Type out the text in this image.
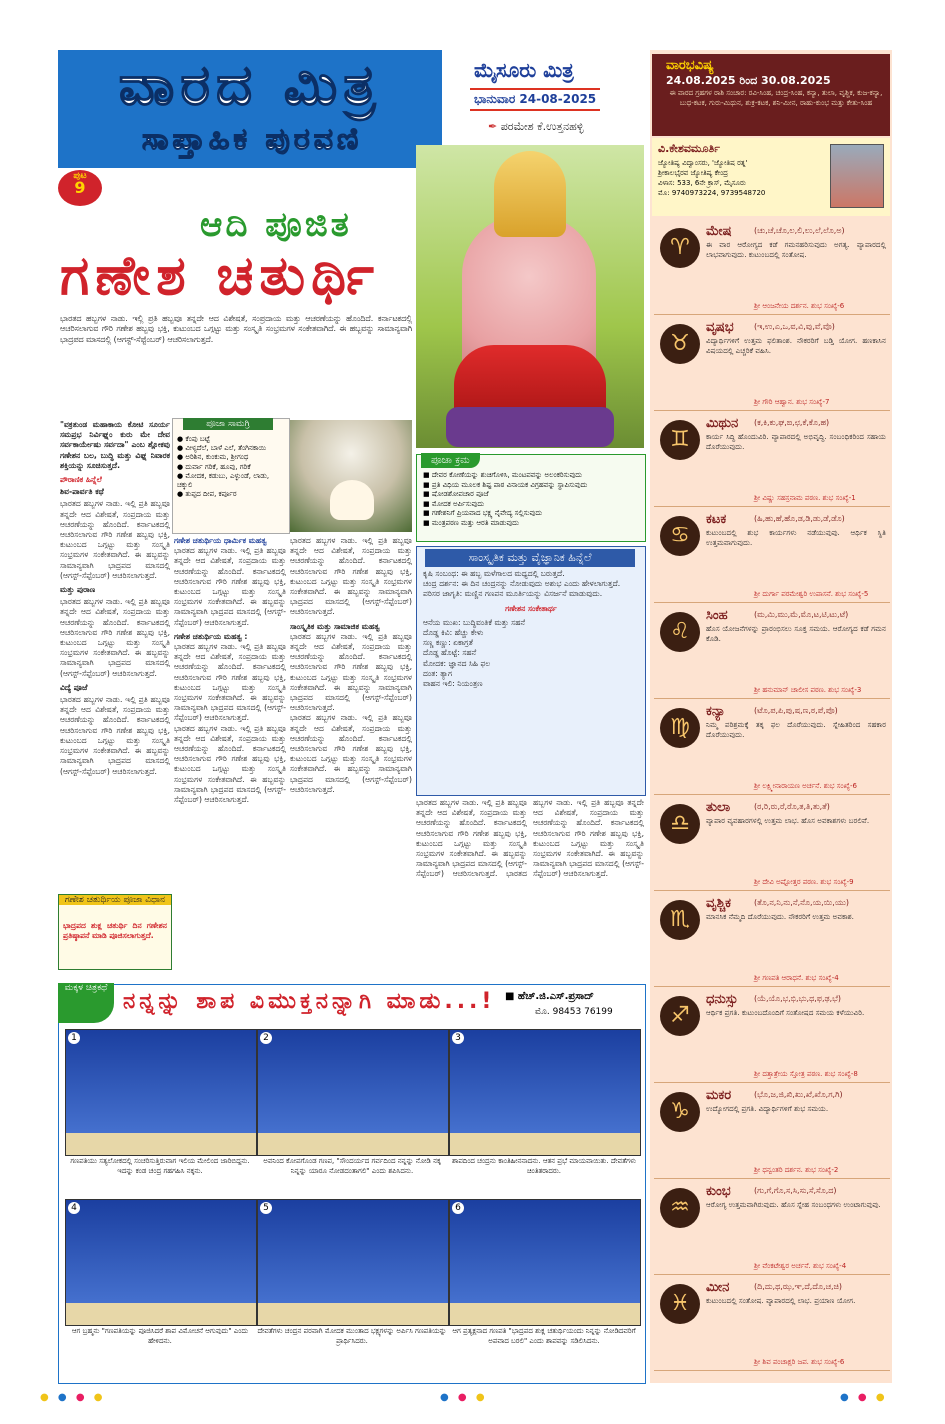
ವಾರದ ಮಿತ್ರ
ಸಾಪ್ತಾಹಿಕ ಪುರವಣಿ
ಮೈಸೂರು ಮಿತ್ರ
ಭಾನುವಾರ 24-08-2025
✒ ಪರಮೇಶ ಕೆ.ಉತ್ತನಹಳ್ಳಿ
ಪುಟ
9
ಆದಿ ಪೂಜಿತ
ಗಣೇಶ ಚತುರ್ಥಿ
ಭಾರತದ ಹಬ್ಬಗಳ ನಾಡು. ಇಲ್ಲಿ ಪ್ರತಿ ಹಬ್ಬವೂ ತನ್ನದೇ ಆದ ವಿಶೇಷತೆ, ಸಂಪ್ರದಾಯ ಮತ್ತು ಆಚರಣೆಯನ್ನು ಹೊಂದಿದೆ. ಕರ್ನಾಟಕದಲ್ಲಿ ಆಚರಿಸಲಾಗುವ ಗೌರಿ ಗಣೇಶ ಹಬ್ಬವು ಭಕ್ತಿ, ಕುಟುಂಬದ ಒಗ್ಗಟ್ಟು ಮತ್ತು ಸಂಸ್ಕೃತಿ ಸಂಭ್ರಮಗಳ ಸಂಕೇತವಾಗಿದೆ. ಈ ಹಬ್ಬವನ್ನು ಸಾಮಾನ್ಯವಾಗಿ ಭಾದ್ರಪದ ಮಾಸದಲ್ಲಿ (ಆಗಸ್ಟ್-ಸೆಪ್ಟೆಂಬರ್) ಆಚರಿಸಲಾಗುತ್ತದೆ.
"ವಕ್ರತುಂಡ ಮಹಾಕಾಯ ಕೋಟಿ ಸೂರ್ಯ ಸಮಪ್ರಭ ನಿರ್ವಿಘ್ನಂ ಕುರು ಮೇ ದೇವ ಸರ್ವಕಾರ್ಯೇಷು ಸರ್ವದಾ" ಎಂಬ ಶ್ಲೋಕವು ಗಣೇಶನ ಬಲ, ಬುದ್ಧಿ ಮತ್ತು ವಿಘ್ನ ನಿವಾರಕ ಶಕ್ತಿಯನ್ನು ಸೂಚಿಸುತ್ತದೆ.
ಪೌರಾಣಿಕ ಹಿನ್ನೆಲೆ
ಶಿವ-ಪಾರ್ವತಿ ಕಥೆ
ಭಾರತದ ಹಬ್ಬಗಳ ನಾಡು. ಇಲ್ಲಿ ಪ್ರತಿ ಹಬ್ಬವೂ ತನ್ನದೇ ಆದ ವಿಶೇಷತೆ, ಸಂಪ್ರದಾಯ ಮತ್ತು ಆಚರಣೆಯನ್ನು ಹೊಂದಿದೆ. ಕರ್ನಾಟಕದಲ್ಲಿ ಆಚರಿಸಲಾಗುವ ಗೌರಿ ಗಣೇಶ ಹಬ್ಬವು ಭಕ್ತಿ, ಕುಟುಂಬದ ಒಗ್ಗಟ್ಟು ಮತ್ತು ಸಂಸ್ಕೃತಿ ಸಂಭ್ರಮಗಳ ಸಂಕೇತವಾಗಿದೆ. ಈ ಹಬ್ಬವನ್ನು ಸಾಮಾನ್ಯವಾಗಿ ಭಾದ್ರಪದ ಮಾಸದಲ್ಲಿ (ಆಗಸ್ಟ್-ಸೆಪ್ಟೆಂಬರ್) ಆಚರಿಸಲಾಗುತ್ತದೆ.
ಮತ್ತು ಪುರಾಣ
ಭಾರತದ ಹಬ್ಬಗಳ ನಾಡು. ಇಲ್ಲಿ ಪ್ರತಿ ಹಬ್ಬವೂ ತನ್ನದೇ ಆದ ವಿಶೇಷತೆ, ಸಂಪ್ರದಾಯ ಮತ್ತು ಆಚರಣೆಯನ್ನು ಹೊಂದಿದೆ. ಕರ್ನಾಟಕದಲ್ಲಿ ಆಚರಿಸಲಾಗುವ ಗೌರಿ ಗಣೇಶ ಹಬ್ಬವು ಭಕ್ತಿ, ಕುಟುಂಬದ ಒಗ್ಗಟ್ಟು ಮತ್ತು ಸಂಸ್ಕೃತಿ ಸಂಭ್ರಮಗಳ ಸಂಕೇತವಾಗಿದೆ. ಈ ಹಬ್ಬವನ್ನು ಸಾಮಾನ್ಯವಾಗಿ ಭಾದ್ರಪದ ಮಾಸದಲ್ಲಿ (ಆಗಸ್ಟ್-ಸೆಪ್ಟೆಂಬರ್) ಆಚರಿಸಲಾಗುತ್ತದೆ.
ವಿದ್ಯೆ ಪೂಜೆ
ಭಾರತದ ಹಬ್ಬಗಳ ನಾಡು. ಇಲ್ಲಿ ಪ್ರತಿ ಹಬ್ಬವೂ ತನ್ನದೇ ಆದ ವಿಶೇಷತೆ, ಸಂಪ್ರದಾಯ ಮತ್ತು ಆಚರಣೆಯನ್ನು ಹೊಂದಿದೆ. ಕರ್ನಾಟಕದಲ್ಲಿ ಆಚರಿಸಲಾಗುವ ಗೌರಿ ಗಣೇಶ ಹಬ್ಬವು ಭಕ್ತಿ, ಕುಟುಂಬದ ಒಗ್ಗಟ್ಟು ಮತ್ತು ಸಂಸ್ಕೃತಿ ಸಂಭ್ರಮಗಳ ಸಂಕೇತವಾಗಿದೆ. ಈ ಹಬ್ಬವನ್ನು ಸಾಮಾನ್ಯವಾಗಿ ಭಾದ್ರಪದ ಮಾಸದಲ್ಲಿ (ಆಗಸ್ಟ್-ಸೆಪ್ಟೆಂಬರ್) ಆಚರಿಸಲಾಗುತ್ತದೆ.
ಗಣೇಶ ಚತುರ್ಥಿಯ ಪೂಜಾ ವಿಧಾನ
ಭಾದ್ರಪದ ಶುಕ್ಲ ಚತುರ್ಥಿ ದಿನ ಗಣೇಶನ ಪ್ರತಿಷ್ಠಾಪನೆ ಮಾಡಿ ಪೂಜಿಸಲಾಗುತ್ತದೆ.
ಪೂಜಾ ಸಾಮಗ್ರಿ
● ಕೆಂಪು ಬಟ್ಟೆ
● ವೀಳ್ಯದೆಲೆ, ಬಾಳೆ ಎಲೆ, ತೆಂಗಿನಕಾಯಿ
● ಅರಿಶಿನ, ಕುಂಕುಮ, ಶ್ರೀಗಂಧ
● ದುರ್ವಾ ಗರಿಕೆ, ಹೂವು, ಗರಿಕೆ
● ಮೋದಕ, ಕಡುಬು, ಎಳ್ಳುಂಡೆ, ಲಾಡು, ಚಕ್ಕುಲಿ
● ತುಪ್ಪದ ದೀಪ, ಕರ್ಪೂರ
ಗಣೇಶ ಚತುರ್ಥಿಯ ಧಾರ್ಮಿಕ ಮಹತ್ವ
ಭಾರತದ ಹಬ್ಬಗಳ ನಾಡು. ಇಲ್ಲಿ ಪ್ರತಿ ಹಬ್ಬವೂ ತನ್ನದೇ ಆದ ವಿಶೇಷತೆ, ಸಂಪ್ರದಾಯ ಮತ್ತು ಆಚರಣೆಯನ್ನು ಹೊಂದಿದೆ. ಕರ್ನಾಟಕದಲ್ಲಿ ಆಚರಿಸಲಾಗುವ ಗೌರಿ ಗಣೇಶ ಹಬ್ಬವು ಭಕ್ತಿ, ಕುಟುಂಬದ ಒಗ್ಗಟ್ಟು ಮತ್ತು ಸಂಸ್ಕೃತಿ ಸಂಭ್ರಮಗಳ ಸಂಕೇತವಾಗಿದೆ. ಈ ಹಬ್ಬವನ್ನು ಸಾಮಾನ್ಯವಾಗಿ ಭಾದ್ರಪದ ಮಾಸದಲ್ಲಿ (ಆಗಸ್ಟ್-ಸೆಪ್ಟೆಂಬರ್) ಆಚರಿಸಲಾಗುತ್ತದೆ.
ಗಣೇಶ ಚತುರ್ಥಿಯ ಮಹತ್ವ :
ಭಾರತದ ಹಬ್ಬಗಳ ನಾಡು. ಇಲ್ಲಿ ಪ್ರತಿ ಹಬ್ಬವೂ ತನ್ನದೇ ಆದ ವಿಶೇಷತೆ, ಸಂಪ್ರದಾಯ ಮತ್ತು ಆಚರಣೆಯನ್ನು ಹೊಂದಿದೆ. ಕರ್ನಾಟಕದಲ್ಲಿ ಆಚರಿಸಲಾಗುವ ಗೌರಿ ಗಣೇಶ ಹಬ್ಬವು ಭಕ್ತಿ, ಕುಟುಂಬದ ಒಗ್ಗಟ್ಟು ಮತ್ತು ಸಂಸ್ಕೃತಿ ಸಂಭ್ರಮಗಳ ಸಂಕೇತವಾಗಿದೆ. ಈ ಹಬ್ಬವನ್ನು ಸಾಮಾನ್ಯವಾಗಿ ಭಾದ್ರಪದ ಮಾಸದಲ್ಲಿ (ಆಗಸ್ಟ್-ಸೆಪ್ಟೆಂಬರ್) ಆಚರಿಸಲಾಗುತ್ತದೆ.
ಭಾರತದ ಹಬ್ಬಗಳ ನಾಡು. ಇಲ್ಲಿ ಪ್ರತಿ ಹಬ್ಬವೂ ತನ್ನದೇ ಆದ ವಿಶೇಷತೆ, ಸಂಪ್ರದಾಯ ಮತ್ತು ಆಚರಣೆಯನ್ನು ಹೊಂದಿದೆ. ಕರ್ನಾಟಕದಲ್ಲಿ ಆಚರಿಸಲಾಗುವ ಗೌರಿ ಗಣೇಶ ಹಬ್ಬವು ಭಕ್ತಿ, ಕುಟುಂಬದ ಒಗ್ಗಟ್ಟು ಮತ್ತು ಸಂಸ್ಕೃತಿ ಸಂಭ್ರಮಗಳ ಸಂಕೇತವಾಗಿದೆ. ಈ ಹಬ್ಬವನ್ನು ಸಾಮಾನ್ಯವಾಗಿ ಭಾದ್ರಪದ ಮಾಸದಲ್ಲಿ (ಆಗಸ್ಟ್-ಸೆಪ್ಟೆಂಬರ್) ಆಚರಿಸಲಾಗುತ್ತದೆ.
ಭಾರತದ ಹಬ್ಬಗಳ ನಾಡು. ಇಲ್ಲಿ ಪ್ರತಿ ಹಬ್ಬವೂ ತನ್ನದೇ ಆದ ವಿಶೇಷತೆ, ಸಂಪ್ರದಾಯ ಮತ್ತು ಆಚರಣೆಯನ್ನು ಹೊಂದಿದೆ. ಕರ್ನಾಟಕದಲ್ಲಿ ಆಚರಿಸಲಾಗುವ ಗೌರಿ ಗಣೇಶ ಹಬ್ಬವು ಭಕ್ತಿ, ಕುಟುಂಬದ ಒಗ್ಗಟ್ಟು ಮತ್ತು ಸಂಸ್ಕೃತಿ ಸಂಭ್ರಮಗಳ ಸಂಕೇತವಾಗಿದೆ. ಈ ಹಬ್ಬವನ್ನು ಸಾಮಾನ್ಯವಾಗಿ ಭಾದ್ರಪದ ಮಾಸದಲ್ಲಿ (ಆಗಸ್ಟ್-ಸೆಪ್ಟೆಂಬರ್) ಆಚರಿಸಲಾಗುತ್ತದೆ.
ಸಾಂಸ್ಕೃತಿಕ ಮತ್ತು ಸಾಮಾಜಿಕ ಮಹತ್ವ
ಭಾರತದ ಹಬ್ಬಗಳ ನಾಡು. ಇಲ್ಲಿ ಪ್ರತಿ ಹಬ್ಬವೂ ತನ್ನದೇ ಆದ ವಿಶೇಷತೆ, ಸಂಪ್ರದಾಯ ಮತ್ತು ಆಚರಣೆಯನ್ನು ಹೊಂದಿದೆ. ಕರ್ನಾಟಕದಲ್ಲಿ ಆಚರಿಸಲಾಗುವ ಗೌರಿ ಗಣೇಶ ಹಬ್ಬವು ಭಕ್ತಿ, ಕುಟುಂಬದ ಒಗ್ಗಟ್ಟು ಮತ್ತು ಸಂಸ್ಕೃತಿ ಸಂಭ್ರಮಗಳ ಸಂಕೇತವಾಗಿದೆ. ಈ ಹಬ್ಬವನ್ನು ಸಾಮಾನ್ಯವಾಗಿ ಭಾದ್ರಪದ ಮಾಸದಲ್ಲಿ (ಆಗಸ್ಟ್-ಸೆಪ್ಟೆಂಬರ್) ಆಚರಿಸಲಾಗುತ್ತದೆ.
ಭಾರತದ ಹಬ್ಬಗಳ ನಾಡು. ಇಲ್ಲಿ ಪ್ರತಿ ಹಬ್ಬವೂ ತನ್ನದೇ ಆದ ವಿಶೇಷತೆ, ಸಂಪ್ರದಾಯ ಮತ್ತು ಆಚರಣೆಯನ್ನು ಹೊಂದಿದೆ. ಕರ್ನಾಟಕದಲ್ಲಿ ಆಚರಿಸಲಾಗುವ ಗೌರಿ ಗಣೇಶ ಹಬ್ಬವು ಭಕ್ತಿ, ಕುಟುಂಬದ ಒಗ್ಗಟ್ಟು ಮತ್ತು ಸಂಸ್ಕೃತಿ ಸಂಭ್ರಮಗಳ ಸಂಕೇತವಾಗಿದೆ. ಈ ಹಬ್ಬವನ್ನು ಸಾಮಾನ್ಯವಾಗಿ ಭಾದ್ರಪದ ಮಾಸದಲ್ಲಿ (ಆಗಸ್ಟ್-ಸೆಪ್ಟೆಂಬರ್) ಆಚರಿಸಲಾಗುತ್ತದೆ.
ಪೂಜಾ ಕ್ರಮ
■ ದೇವರ ಕೋಣೆಯನ್ನು ಶುಚಿಗೊಳಿಸಿ, ಮಂಟಪವನ್ನು ಅಲಂಕರಿಸುವುದು
■ ಪ್ರತಿ ವಿಧಿಯ ಮೂಲಕ ಶಿಷ್ಟ ಪಾಠ ವಿನಾಯಕ ವಿಗ್ರಹವನ್ನು ಸ್ಥಾಪಿಸುವುದು
■ ಷೋಡಶೋಪಚಾರ ಪೂಜೆ
■ ಮೋದಕ ಅರ್ಪಿಸುವುದು
■ ಗಣೇಶನಿಗೆ ಪ್ರಿಯವಾದ ಭಕ್ಷ್ಯ ನೈವೇದ್ಯ ಸಲ್ಲಿಸುವುದು
■ ಮಂತ್ರಪಠಣ ಮತ್ತು ಆರತಿ ಮಾಡುವುದು
ಸಾಂಸ್ಕೃತಿಕ ಮತ್ತು ವೈಜ್ಞಾನಿಕ ಹಿನ್ನೆಲೆ
ಕೃಷಿ ಸಂಬಂಧ: ಈ ಹಬ್ಬ ಮಳೆಗಾಲದ ಮಧ್ಯದಲ್ಲಿ ಬರುತ್ತದೆ.
ಚಂದ್ರ ದರ್ಶನ: ಈ ದಿನ ಚಂದ್ರನನ್ನು ನೋಡುವುದು ಅಶುಭ ಎಂದು ಹೇಳಲಾಗುತ್ತದೆ.
ಪರಿಸರ ಜಾಗೃತಿ: ಮಣ್ಣಿನ ಗಣಪನ ಮೂರ್ತಿಯನ್ನು ವಿಸರ್ಜನೆ ಮಾಡುವುದು.
ಗಣೇಶನ ಸಂಕೇತಾರ್ಥ
ಆನೆಯ ಮುಖ: ಬುದ್ಧಿವಂತಿಕೆ ಮತ್ತು ಸಹನೆ
ದೊಡ್ಡ ಕಿವಿ: ಹೆಚ್ಚು ಕೇಳು
ಸಣ್ಣ ಕಣ್ಣು: ಏಕಾಗ್ರತೆ
ದೊಡ್ಡ ಹೊಟ್ಟೆ: ಸಹನೆ
ಮೋದಕ: ಜ್ಞಾನದ ಸಿಹಿ ಫಲ
ದಂತ: ತ್ಯಾಗ
ವಾಹನ ಇಲಿ: ನಿಯಂತ್ರಣ
ಭಾರತದ ಹಬ್ಬಗಳ ನಾಡು. ಇಲ್ಲಿ ಪ್ರತಿ ಹಬ್ಬವೂ ತನ್ನದೇ ಆದ ವಿಶೇಷತೆ, ಸಂಪ್ರದಾಯ ಮತ್ತು ಆಚರಣೆಯನ್ನು ಹೊಂದಿದೆ. ಕರ್ನಾಟಕದಲ್ಲಿ ಆಚರಿಸಲಾಗುವ ಗೌರಿ ಗಣೇಶ ಹಬ್ಬವು ಭಕ್ತಿ, ಕುಟುಂಬದ ಒಗ್ಗಟ್ಟು ಮತ್ತು ಸಂಸ್ಕೃತಿ ಸಂಭ್ರಮಗಳ ಸಂಕೇತವಾಗಿದೆ. ಈ ಹಬ್ಬವನ್ನು ಸಾಮಾನ್ಯವಾಗಿ ಭಾದ್ರಪದ ಮಾಸದಲ್ಲಿ (ಆಗಸ್ಟ್-ಸೆಪ್ಟೆಂಬರ್) ಆಚರಿಸಲಾಗುತ್ತದೆ. ಭಾರತದ ಹಬ್ಬಗಳ ನಾಡು. ಇಲ್ಲಿ ಪ್ರತಿ ಹಬ್ಬವೂ ತನ್ನದೇ ಆದ ವಿಶೇಷತೆ, ಸಂಪ್ರದಾಯ ಮತ್ತು ಆಚರಣೆಯನ್ನು ಹೊಂದಿದೆ. ಕರ್ನಾಟಕದಲ್ಲಿ ಆಚರಿಸಲಾಗುವ ಗೌರಿ ಗಣೇಶ ಹಬ್ಬವು ಭಕ್ತಿ, ಕುಟುಂಬದ ಒಗ್ಗಟ್ಟು ಮತ್ತು ಸಂಸ್ಕೃತಿ ಸಂಭ್ರಮಗಳ ಸಂಕೇತವಾಗಿದೆ. ಈ ಹಬ್ಬವನ್ನು ಸಾಮಾನ್ಯವಾಗಿ ಭಾದ್ರಪದ ಮಾಸದಲ್ಲಿ (ಆಗಸ್ಟ್-ಸೆಪ್ಟೆಂಬರ್) ಆಚರಿಸಲಾಗುತ್ತದೆ.
ಮಕ್ಕಳ ಚಿತ್ರಕಥೆ
ನನ್ನನ್ನು ಶಾಪ ವಿಮುಕ್ತನನ್ನಾಗಿ ಮಾಡು...! ■ ಹೆಚ್.ಜಿ.ಎಸ್.ಪ್ರಸಾದ್
ಮೊ. 98453 76199
1
ಗಣಪತಿಯು ಸತ್ಯಲೋಕದಲ್ಲಿ ಸಂಚರಿಸುತ್ತಿರುವಾಗ ಇಲಿಯ ಮೇಲಿಂದ ಜಾರಿಬಿದ್ದನು. ಇದನ್ನು ಕಂಡ ಚಂದ್ರ ಗಹಗಹಿಸಿ ನಕ್ಕನು.
2
ಅವನಿಂದ ಕೋಪಗೊಂಡ ಗಣಪ, "ಸೌಂದರ್ಯದ ಗರ್ವದಿಂದ ನನ್ನನ್ನು ನೋಡಿ ನಕ್ಕ ನಿನ್ನನ್ನು ಯಾರೂ ನೋಡದಂತಾಗಲಿ" ಎಂದು ಶಪಿಸಿದನು.
3
ಶಾಪದಿಂದ ಚಂದ್ರನು ಕಾಂತಿಹೀನನಾದನು. ಆತನ ಪ್ರಭೆ ಮಾಯವಾಯಿತು. ದೇವತೆಗಳು ಚಿಂತಿತರಾದರು.
4
ಆಗ ಬ್ರಹ್ಮನು "ಗಣಪತಿಯನ್ನು ಪೂಜಿಸಿದರೆ ಶಾಪ ವಿಮೋಚನೆ ಆಗುವುದು" ಎಂದು ಹೇಳಿದನು.
5
ದೇವತೆಗಳು ಚಂದ್ರನ ಪರವಾಗಿ ಮೋದಕ ಮುಂತಾದ ಭಕ್ಷ್ಯಗಳನ್ನು ಅರ್ಪಿಸಿ ಗಣಪತಿಯನ್ನು ಪ್ರಾರ್ಥಿಸಿದರು.
6
ಆಗ ಪ್ರತ್ಯಕ್ಷನಾದ ಗಣಪತಿ "ಭಾದ್ರಪದ ಶುಕ್ಲ ಚತುರ್ಥಿಯಂದು ನಿನ್ನನ್ನು ನೋಡಿದವರಿಗೆ ಅಪವಾದ ಬರಲಿ" ಎಂದು ಶಾಪವನ್ನು ಸಡಿಲಿಸಿದನು.
ವಾರಭವಿಷ್ಯ
24.08.2025 ರಿಂದ 30.08.2025
ಈ ವಾರದ ಗ್ರಹಗಳ ರಾಶಿ ಸಂಚಾರ: ರವಿ-ಸಿಂಹ, ಚಂದ್ರ-ಸಿಂಹ, ಕನ್ಯಾ, ತುಲಾ, ವೃಶ್ಚಿಕ, ಕುಜ-ಕನ್ಯಾ, ಬುಧ-ಕಟಕ, ಗುರು-ಮಿಥುನ, ಶುಕ್ರ-ಕಟಕ, ಶನಿ-ಮೀನ, ರಾಹು-ಕುಂಭ ಮತ್ತು ಕೇತು-ಸಿಂಹ
ವಿ.ಕೇಶವಮೂರ್ತಿ
ಜ್ಯೋತಿಷ್ಯ ವಿದ್ವಾಂಸರು, 'ಜ್ಯೋತಿಷ ರತ್ನ'
ಶ್ರೀಕಾಲಭೈರವ ಜ್ಯೋತಿಷ್ಯ ಕೇಂದ್ರ
ವಿಳಾಸ: 533, 6ನೇ ಕ್ರಾಸ್, ಮೈಸೂರು
ಮೊ: 9740973224, 9739548720
♈
ಮೇಷ	(ಚು,ಚೆ,ಚೊ,ಲ,ಲಿ,ಲು,ಲೆ,ಲೊ,ಅ)
ಈ ವಾರ ಆರೋಗ್ಯದ ಕಡೆ ಗಮನಹರಿಸುವುದು ಅಗತ್ಯ. ವ್ಯಾಪಾರದಲ್ಲಿ ಲಾಭವಾಗುವುದು. ಕುಟುಂಬದಲ್ಲಿ ಸಂತೋಷ.
ಶ್ರೀ ಆಂಜನೇಯ ದರ್ಶನ. ಶುಭ ಸಂಖ್ಯೆ-6
♉
ವೃಷಭ	(ಇ,ಉ,ಎ,ಒ,ವ,ವಿ,ವು,ವೆ,ವೊ)
ವಿದ್ಯಾರ್ಥಿಗಳಿಗೆ ಉತ್ತಮ ಫಲಿತಾಂಶ. ನೌಕರರಿಗೆ ಬಡ್ತಿ ಯೋಗ. ಹಣಕಾಸಿನ ವಿಷಯದಲ್ಲಿ ಎಚ್ಚರಿಕೆ ವಹಿಸಿ.
ಶ್ರೀ ಗೌರಿ ಆಹ್ವಾನ. ಶುಭ ಸಂಖ್ಯೆ-7
♊
ಮಿಥುನ (ಕ,ಕಿ,ಕು,ಘ,ಙ,ಛ,ಕೆ,ಕೊ,ಹ)
ಕಾರ್ಯ ಸಿದ್ಧಿ ಹೊಂದುವಿರಿ. ವ್ಯಾಪಾರದಲ್ಲಿ ಅಭಿವೃದ್ಧಿ. ಸಂಬಂಧಿಕರಿಂದ ಸಹಾಯ ದೊರೆಯುವುದು.
ಶ್ರೀ ವಿಷ್ಣು ಸಹಸ್ರನಾಮ ಪಠಣ. ಶುಭ ಸಂಖ್ಯೆ-1
♋
ಕಟಕ	(ಹಿ,ಹು,ಹೆ,ಹೊ,ಡ,ಡಿ,ಡು,ಡೆ,ಡೊ)
ಕುಟುಂಬದಲ್ಲಿ ಶುಭ ಕಾರ್ಯಗಳು ನಡೆಯುವುವು. ಆರ್ಥಿಕ ಸ್ಥಿತಿ ಉತ್ತಮವಾಗುವುದು.
ಶ್ರೀ ದುರ್ಗಾ ಪರಮೇಶ್ವರಿ ಉಪಾಸನೆ. ಶುಭ ಸಂಖ್ಯೆ-5
♌
ಸಿಂಹ	(ಮ,ಮಿ,ಮು,ಮೆ,ಮೊ,ಟ,ಟಿ,ಟು,ಟೆ)
ಹೊಸ ಯೋಜನೆಗಳನ್ನು ಪ್ರಾರಂಭಿಸಲು ಸೂಕ್ತ ಸಮಯ. ಆರೋಗ್ಯದ ಕಡೆ ಗಮನ ಕೊಡಿ.
ಶ್ರೀ ಹನುಮಾನ್ ಚಾಲೀಸ ಪಠಣ. ಶುಭ ಸಂಖ್ಯೆ-3
♍
ಕನ್ಯಾ	(ಟೊ,ಪ,ಪಿ,ಪು,ಷ,ಣ,ಠ,ಪೆ,ಪೊ)
ನಿಮ್ಮ ಪರಿಶ್ರಮಕ್ಕೆ ತಕ್ಕ ಫಲ ದೊರೆಯುವುದು. ಸ್ನೇಹಿತರಿಂದ ಸಹಕಾರ ದೊರೆಯುವುದು.
ಶ್ರೀ ಲಕ್ಷ್ಮೀನಾರಾಯಣ ಅರ್ಚನೆ. ಶುಭ ಸಂಖ್ಯೆ-6
♎
ತುಲಾ	(ರ,ರಿ,ರು,ರೆ,ರೊ,ತ,ತಿ,ತು,ತೆ)
ವ್ಯಾಪಾರ ವ್ಯವಹಾರಗಳಲ್ಲಿ ಉತ್ತಮ ಲಾಭ. ಹೊಸ ಅವಕಾಶಗಳು ಬರಲಿವೆ.
ಶ್ರೀ ದೇವಿ ಅಷ್ಟೋತ್ತರ ಪಠಣ. ಶುಭ ಸಂಖ್ಯೆ-9
♏
ವೃಶ್ಚಿಕ	(ತೊ,ನ,ನಿ,ನು,ನೆ,ನೊ,ಯ,ಯಿ,ಯು)
ಮಾನಸಿಕ ನೆಮ್ಮದಿ ದೊರೆಯುವುದು. ನೌಕರರಿಗೆ ಉತ್ತಮ ಅವಕಾಶ.
ಶ್ರೀ ಗಣಪತಿ ಆರಾಧನೆ. ಶುಭ ಸಂಖ್ಯೆ-4
♐
ಧನುಸ್ಸು (ಯೆ,ಯೊ,ಭ,ಭಿ,ಭು,ಧ,ಫ,ಢ,ಭೆ)
ಆರ್ಥಿಕ ಪ್ರಗತಿ. ಕುಟುಂಬದೊಂದಿಗೆ ಸಂತೋಷದ ಸಮಯ ಕಳೆಯುವಿರಿ.
ಶ್ರೀ ದತ್ತಾತ್ರೇಯ ಸ್ತೋತ್ರ ಪಠಣ. ಶುಭ ಸಂಖ್ಯೆ-8
♑
ಮಕರ	(ಭೊ,ಜ,ಜಿ,ಖಿ,ಖು,ಖೆ,ಖೊ,ಗ,ಗಿ)
ಉದ್ಯೋಗದಲ್ಲಿ ಪ್ರಗತಿ. ವಿದ್ಯಾರ್ಥಿಗಳಿಗೆ ಶುಭ ಸಮಯ.
ಶ್ರೀ ಧನ್ವಂತರಿ ದರ್ಶನ. ಶುಭ ಸಂಖ್ಯೆ-2
♒
ಕುಂಭ	(ಗು,ಗೆ,ಗೊ,ಸ,ಸಿ,ಸು,ಸೆ,ಸೊ,ದ)
ಆರೋಗ್ಯ ಉತ್ತಮವಾಗಿರುವುದು. ಹೊಸ ಸ್ನೇಹ ಸಂಬಂಧಗಳು ಉಂಟಾಗುವುವು.
ಶ್ರೀ ವೆಂಕಟೇಶ್ವರ ಅರ್ಚನೆ. ಶುಭ ಸಂಖ್ಯೆ-4
♓
ಮೀನ	(ದಿ,ದು,ಥ,ಝ,ಞ,ದೆ,ದೊ,ಚ,ಚಿ)
ಕುಟುಂಬದಲ್ಲಿ ಸಂತೋಷ. ವ್ಯಾಪಾರದಲ್ಲಿ ಲಾಭ. ಪ್ರಯಾಣ ಯೋಗ.
ಶ್ರೀ ಶಿವ ಪಂಚಾಕ್ಷರಿ ಜಪ. ಶುಭ ಸಂಖ್ಯೆ-6
● ● ● ●	● ● ●	● ● ●
